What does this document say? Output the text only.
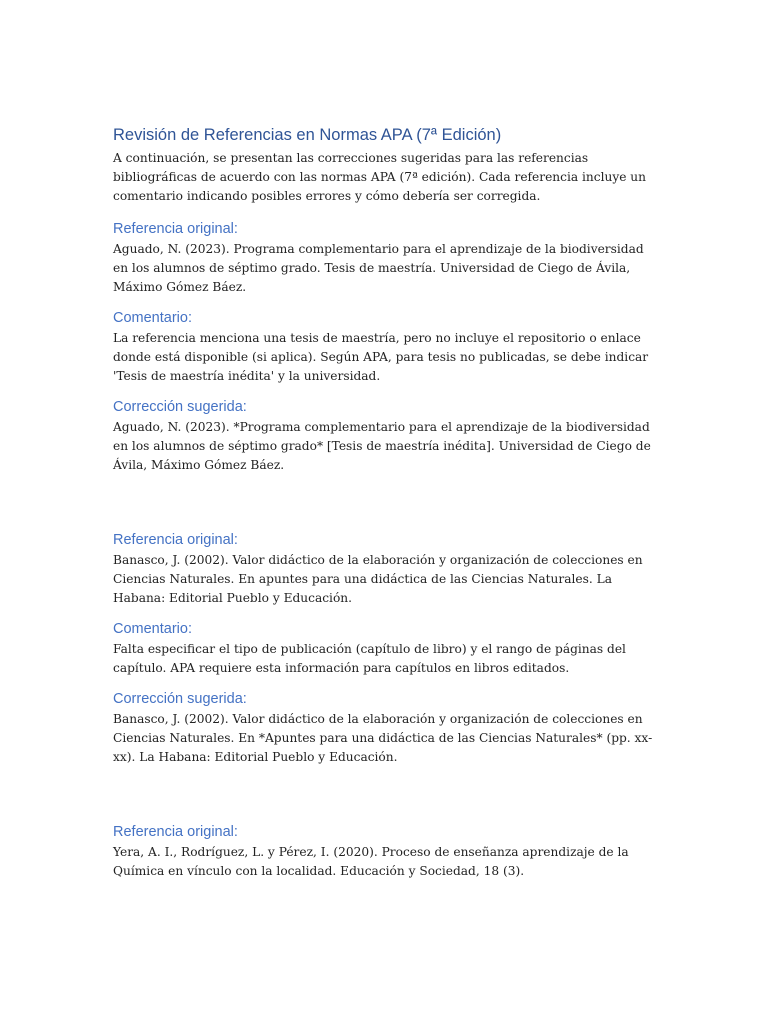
Revisión de Referencias en Normas APA (7ª Edición)

A continuación, se presentan las correcciones sugeridas para las referencias bibliográficas de acuerdo con las normas APA (7ª edición). Cada referencia incluye un comentario indicando posibles errores y cómo debería ser corregida.

Referencia original:

Aguado, N. (2023). Programa complementario para el aprendizaje de la biodiversidad en los alumnos de séptimo grado. Tesis de maestría. Universidad de Ciego de Ávila, Máximo Gómez Báez.

Comentario:

La referencia menciona una tesis de maestría, pero no incluye el repositorio o enlace donde está disponible (si aplica). Según APA, para tesis no publicadas, se debe indicar 'Tesis de maestría inédita' y la universidad.

Corrección sugerida:

Aguado, N. (2023). *Programa complementario para el aprendizaje de la biodiversidad en los alumnos de séptimo grado* [Tesis de maestría inédita]. Universidad de Ciego de Ávila, Máximo Gómez Báez.

Referencia original:

Banasco, J. (2002). Valor didáctico de la elaboración y organización de colecciones en Ciencias Naturales. En apuntes para una didáctica de las Ciencias Naturales. La Habana: Editorial Pueblo y Educación.

Comentario:

Falta especificar el tipo de publicación (capítulo de libro) y el rango de páginas del capítulo. APA requiere esta información para capítulos en libros editados.

Corrección sugerida:

Banasco, J. (2002). Valor didáctico de la elaboración y organización de colecciones en Ciencias Naturales. En *Apuntes para una didáctica de las Ciencias Naturales* (pp. xx-xx). La Habana: Editorial Pueblo y Educación.

Referencia original:

Yera, A. I., Rodríguez, L. y Pérez, I. (2020). Proceso de enseñanza aprendizaje de la Química en vínculo con la localidad. Educación y Sociedad, 18 (3).
